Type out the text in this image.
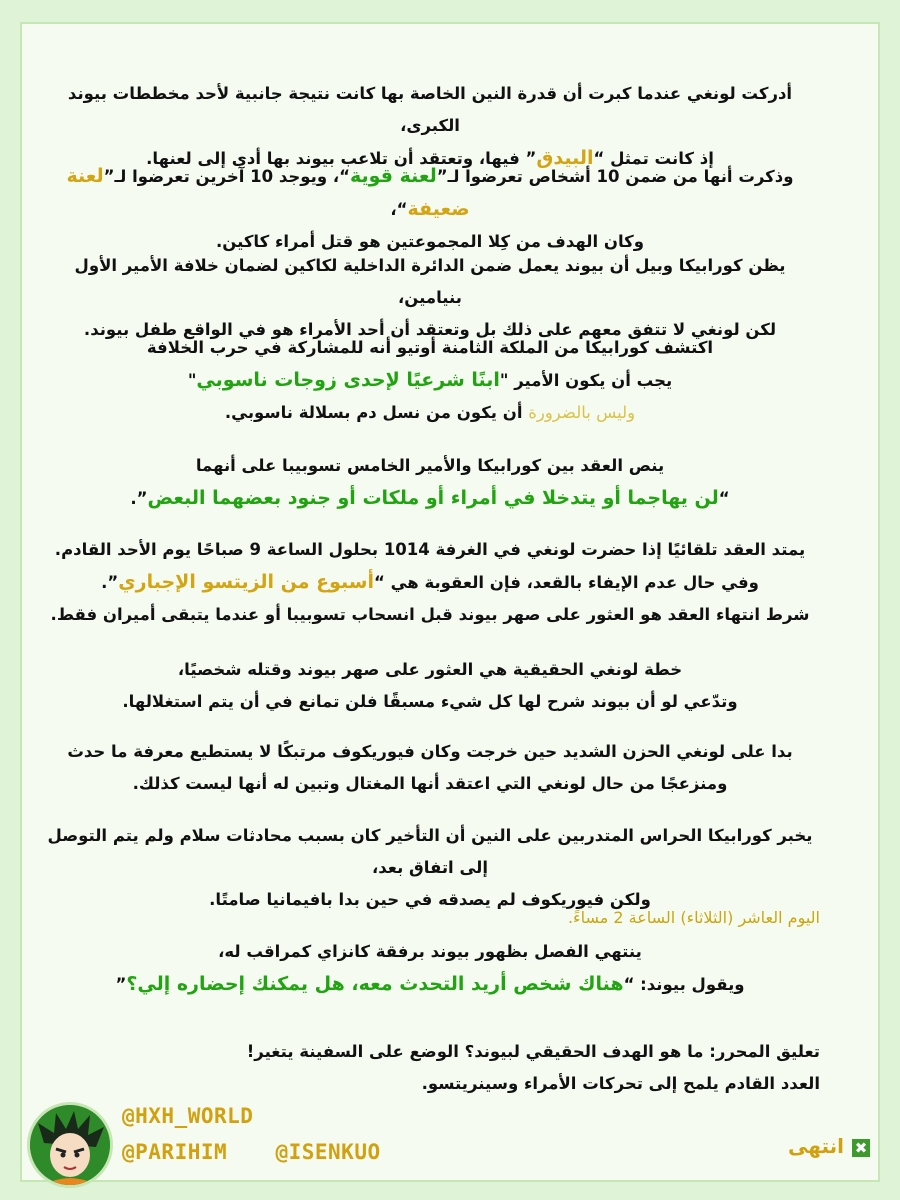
أدركت لونغي عندما كبرت أن قدرة النين الخاصة بها كانت نتيجة جانبية لأحد مخططات بيوند الكبرى،
إذ كانت تمثل “البيدق” فيها، وتعتقد أن تلاعب بيوند بها أدى إلى لعنها.
وذكرت أنها من ضمن 10 أشخاص تعرضوا لـ”لعنة قوية“، ويوجد 10 آخرين تعرضوا لـ”لعنة ضعيفة“،
وكان الهدف من كِلا المجموعتين هو قتل أمراء كاكين.
يظن كورابيكا وبيل أن بيوند يعمل ضمن الدائرة الداخلية لكاكين لضمان خلافة الأمير الأول بنيامين،
لكن لونغي لا تتفق معهم على ذلك بل وتعتقد أن أحد الأمراء هو في الواقع طفل بيوند.
اكتشف كورابيكا من الملكة الثامنة أوتيو أنه للمشاركة في حرب الخلافة
يجب أن يكون الأمير "ابنًا شرعيًا لإحدى زوجات ناسوبي"
وليس بالضرورة أن يكون من نسل دم بسلالة ناسوبي.
ينص العقد بين كورابيكا والأمير الخامس تسوبيبا على أنهما
“لن يهاجما أو يتدخلا في أمراء أو ملكات أو جنود بعضهما البعض”.
يمتد العقد تلقائيًا إذا حضرت لونغي في الغرفة 1014 بحلول الساعة 9 صباحًا يوم الأحد القادم.
وفي حال عدم الإيفاء بالقعد، فإن العقوبة هي “أسبوع من الزيتسو الإجباري”.
شرط انتهاء العقد هو العثور على صهر بيوند قبل انسحاب تسوبيبا أو عندما يتبقى أميران فقط.
خطة لونغي الحقيقية هي العثور على صهر بيوند وقتله شخصيًا،
وتدّعي لو أن بيوند شرح لها كل شيء مسبقًا فلن تمانع في أن يتم استغلالها.
بدا على لونغي الحزن الشديد حين خرجت وكان فيوريكوف مرتبكًا لا يستطيع معرفة ما حدث
ومنزعجًا من حال لونغي التي اعتقد أنها المغتال وتبين له أنها ليست كذلك.
يخبر كورابيكا الحراس المتدربين على النين أن التأخير كان بسبب محادثات سلام ولم يتم التوصل إلى اتفاق بعد،
ولكن فيوريكوف لم يصدقه في حين بدا بافيمانيا صامتًا.
اليوم العاشر (الثلاثاء) الساعة 2 مساءً.
ينتهي الفصل بظهور بيوند برفقة كانزاي كمراقب له،
ويقول بيوند: “هناك شخص أريد التحدث معه، هل يمكنك إحضاره إلي؟”
تعليق المحرر: ما هو الهدف الحقيقي لبيوند؟ الوضع على السفينة يتغير!
العدد القادم يلمح إلى تحركات الأمراء وسينريتسو.
@HXH_WORLD
@PARIHIM @ISENKUO	✖انتهى
